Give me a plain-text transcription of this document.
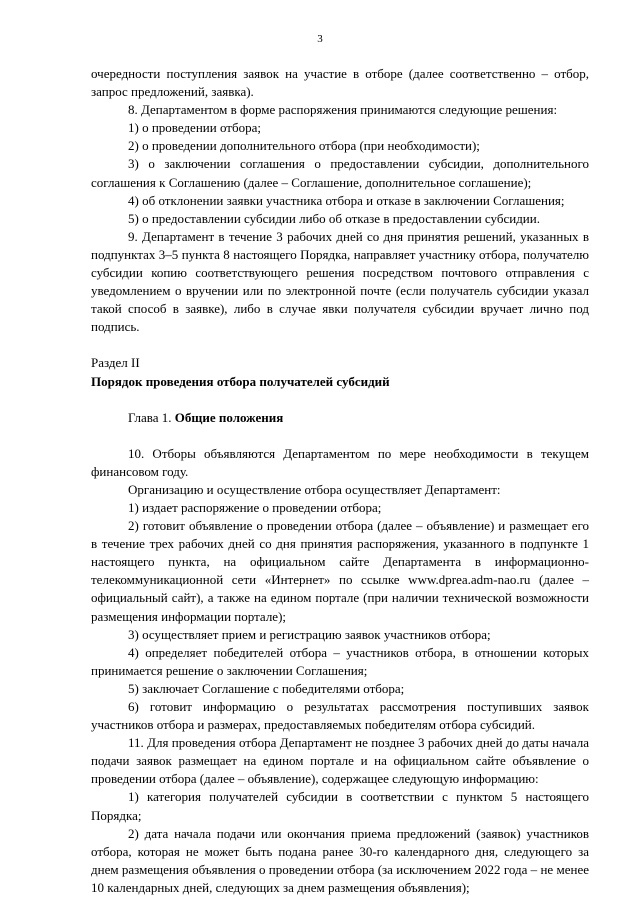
3

очередности поступления заявок на участие в отборе (далее соответственно – отбор, запрос предложений, заявка).

8. Департаментом в форме распоряжения принимаются следующие решения:

1) о проведении отбора;

2) о проведении дополнительного отбора (при необходимости);

3) о заключении соглашения о предоставлении субсидии, дополнительного соглашения к Соглашению (далее – Соглашение, дополнительное соглашение);

4) об отклонении заявки участника отбора и отказе в заключении Соглашения;

5) о предоставлении субсидии либо об отказе в предоставлении субсидии.

9. Департамент в течение 3 рабочих дней со дня принятия решений, указанных в подпунктах 3–5 пункта 8 настоящего Порядка, направляет участнику отбора, получателю субсидии копию соответствующего решения посредством почтового отправления с уведомлением о вручении или по электронной почте (если получатель субсидии указал такой способ в заявке), либо в случае явки получателя субсидии вручает лично под подпись.

Раздел II

Порядок проведения отбора получателей субсидий

Глава 1. Общие положения

10. Отборы объявляются Департаментом по мере необходимости в текущем финансовом году.

Организацию и осуществление отбора осуществляет Департамент:

1) издает распоряжение о проведении отбора;

2) готовит объявление о проведении отбора (далее – объявление) и размещает его в течение трех рабочих дней со дня принятия распоряжения, указанного в подпункте 1 настоящего пункта, на официальном сайте Департамента в информационно-телекоммуникационной сети «Интернет» по ссылке www.dprea.adm-nao.ru (далее – официальный сайт), а также на едином портале (при наличии технической возможности размещения информации портале);

3) осуществляет прием и регистрацию заявок участников отбора;

4) определяет победителей отбора – участников отбора, в отношении которых принимается решение о заключении Соглашения;

5) заключает Соглашение с победителями отбора;

6) готовит информацию о результатах рассмотрения поступивших заявок участников отбора и размерах, предоставляемых победителям отбора субсидий.

11. Для проведения отбора Департамент не позднее 3 рабочих дней до даты начала подачи заявок размещает на едином портале и на официальном сайте объявление о проведении отбора (далее – объявление), содержащее следующую информацию:

1) категория получателей субсидии в соответствии с пунктом 5 настоящего Порядка;

2) дата начала подачи или окончания приема предложений (заявок) участников отбора, которая не может быть подана ранее 30-го календарного дня, следующего за днем размещения объявления о проведении отбора (за исключением 2022 года – не менее 10 календарных дней, следующих за днем размещения объявления);
